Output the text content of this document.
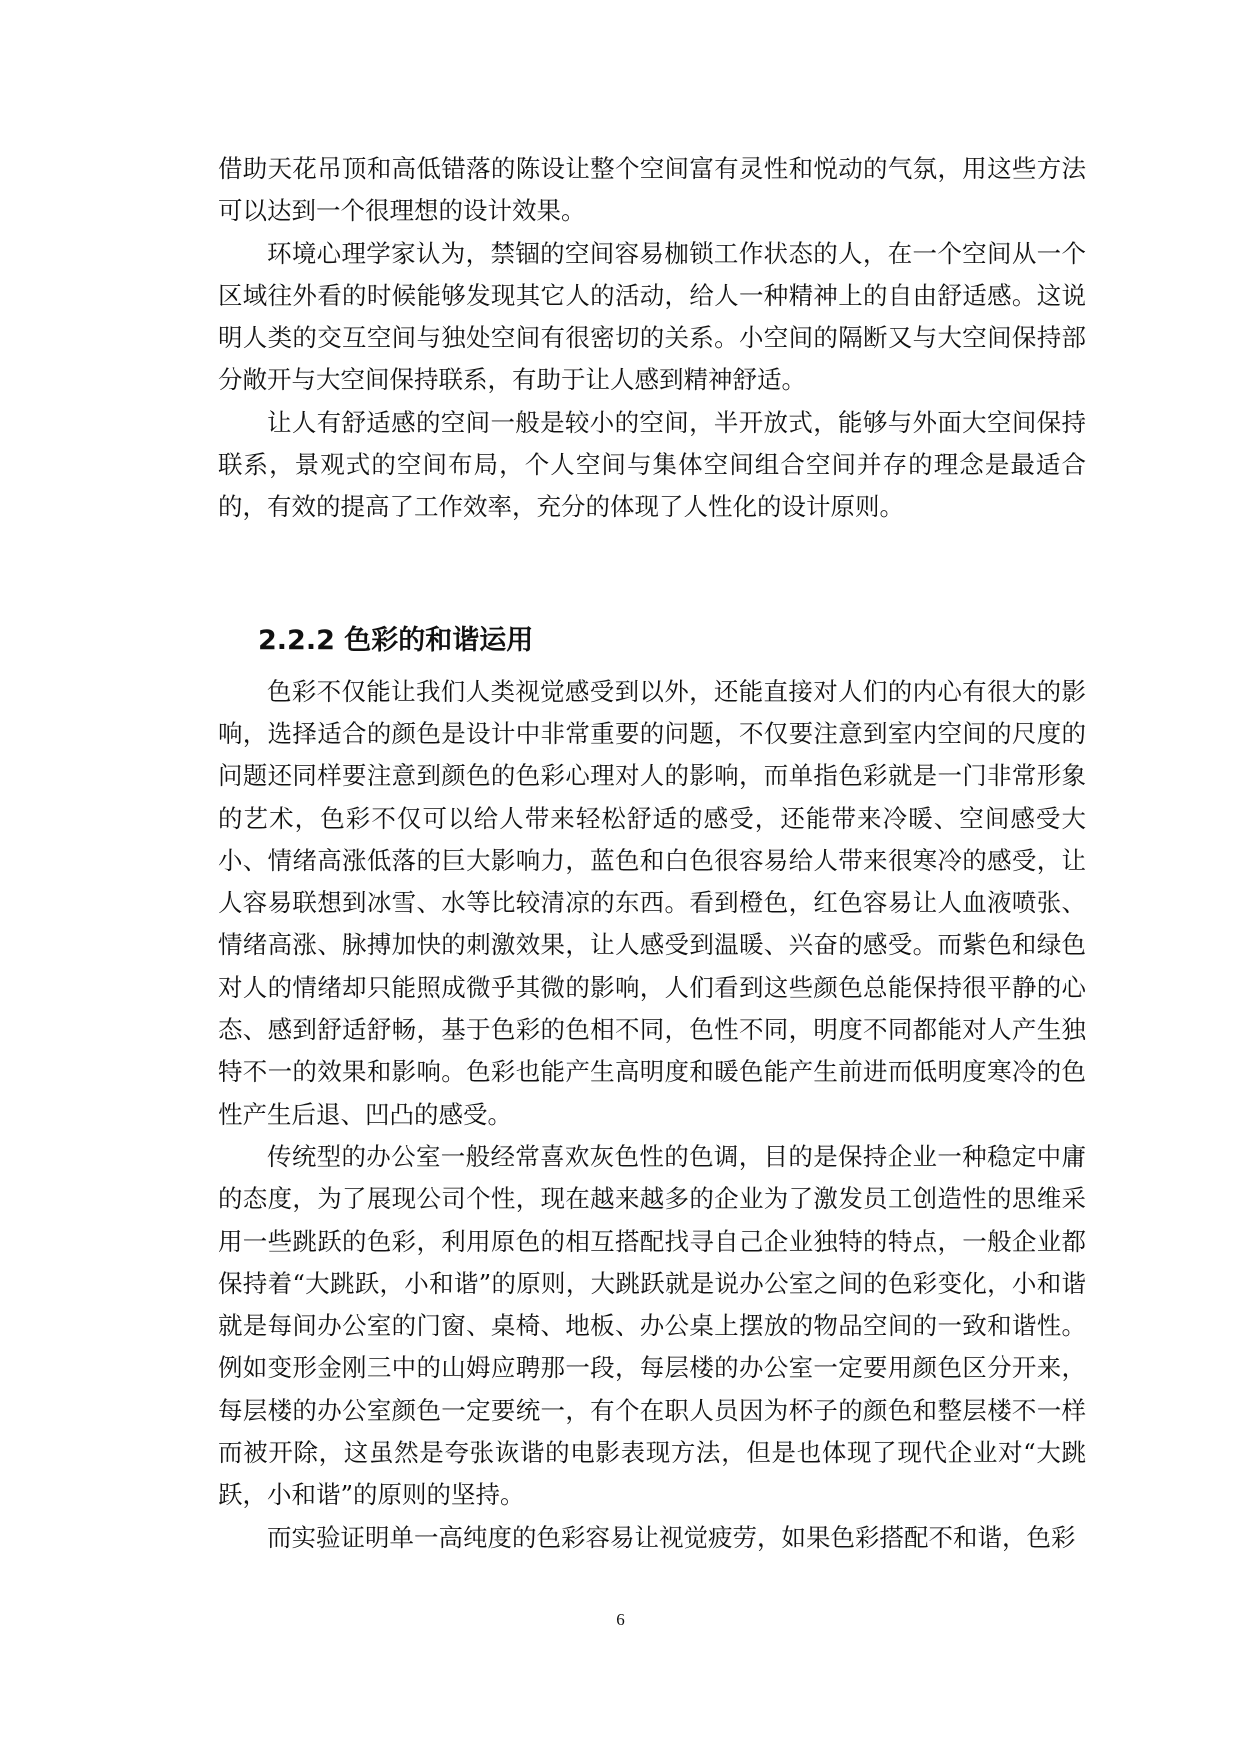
借助天花吊顶和高低错落的陈设让整个空间富有灵性和悦动的气氛，用这些方法可以达到一个很理想的设计效果。

环境心理学家认为，禁锢的空间容易枷锁工作状态的人，在一个空间从一个区域往外看的时候能够发现其它人的活动，给人一种精神上的自由舒适感。这说明人类的交互空间与独处空间有很密切的关系。小空间的隔断又与大空间保持部分敞开与大空间保持联系，有助于让人感到精神舒适。

让人有舒适感的空间一般是较小的空间，半开放式，能够与外面大空间保持联系，景观式的空间布局，个人空间与集体空间组合空间并存的理念是最适合的，有效的提高了工作效率，充分的体现了人性化的设计原则。

2.2.2 色彩的和谐运用

色彩不仅能让我们人类视觉感受到以外，还能直接对人们的内心有很大的影响，选择适合的颜色是设计中非常重要的问题，不仅要注意到室内空间的尺度的问题还同样要注意到颜色的色彩心理对人的影响，而单指色彩就是一门非常形象的艺术，色彩不仅可以给人带来轻松舒适的感受，还能带来冷暖、空间感受大小、情绪高涨低落的巨大影响力，蓝色和白色很容易给人带来很寒冷的感受，让人容易联想到冰雪、水等比较清凉的东西。看到橙色，红色容易让人血液喷张、情绪高涨、脉搏加快的刺激效果，让人感受到温暖、兴奋的感受。而紫色和绿色对人的情绪却只能照成微乎其微的影响，人们看到这些颜色总能保持很平静的心态、感到舒适舒畅，基于色彩的色相不同，色性不同，明度不同都能对人产生独特不一的效果和影响。色彩也能产生高明度和暖色能产生前进而低明度寒冷的色性产生后退、凹凸的感受。

传统型的办公室一般经常喜欢灰色性的色调，目的是保持企业一种稳定中庸的态度，为了展现公司个性，现在越来越多的企业为了激发员工创造性的思维采用一些跳跃的色彩，利用原色的相互搭配找寻自己企业独特的特点，一般企业都保持着“大跳跃，小和谐”的原则，大跳跃就是说办公室之间的色彩变化，小和谐就是每间办公室的门窗、桌椅、地板、办公桌上摆放的物品空间的一致和谐性。例如变形金刚三中的山姆应聘那一段，每层楼的办公室一定要用颜色区分开来，每层楼的办公室颜色一定要统一，有个在职人员因为杯子的颜色和整层楼不一样而被开除，这虽然是夸张诙谐的电影表现方法，但是也体现了现代企业对“大跳跃，小和谐”的原则的坚持。

而实验证明单一高纯度的色彩容易让视觉疲劳，如果色彩搭配不和谐，色彩

6
